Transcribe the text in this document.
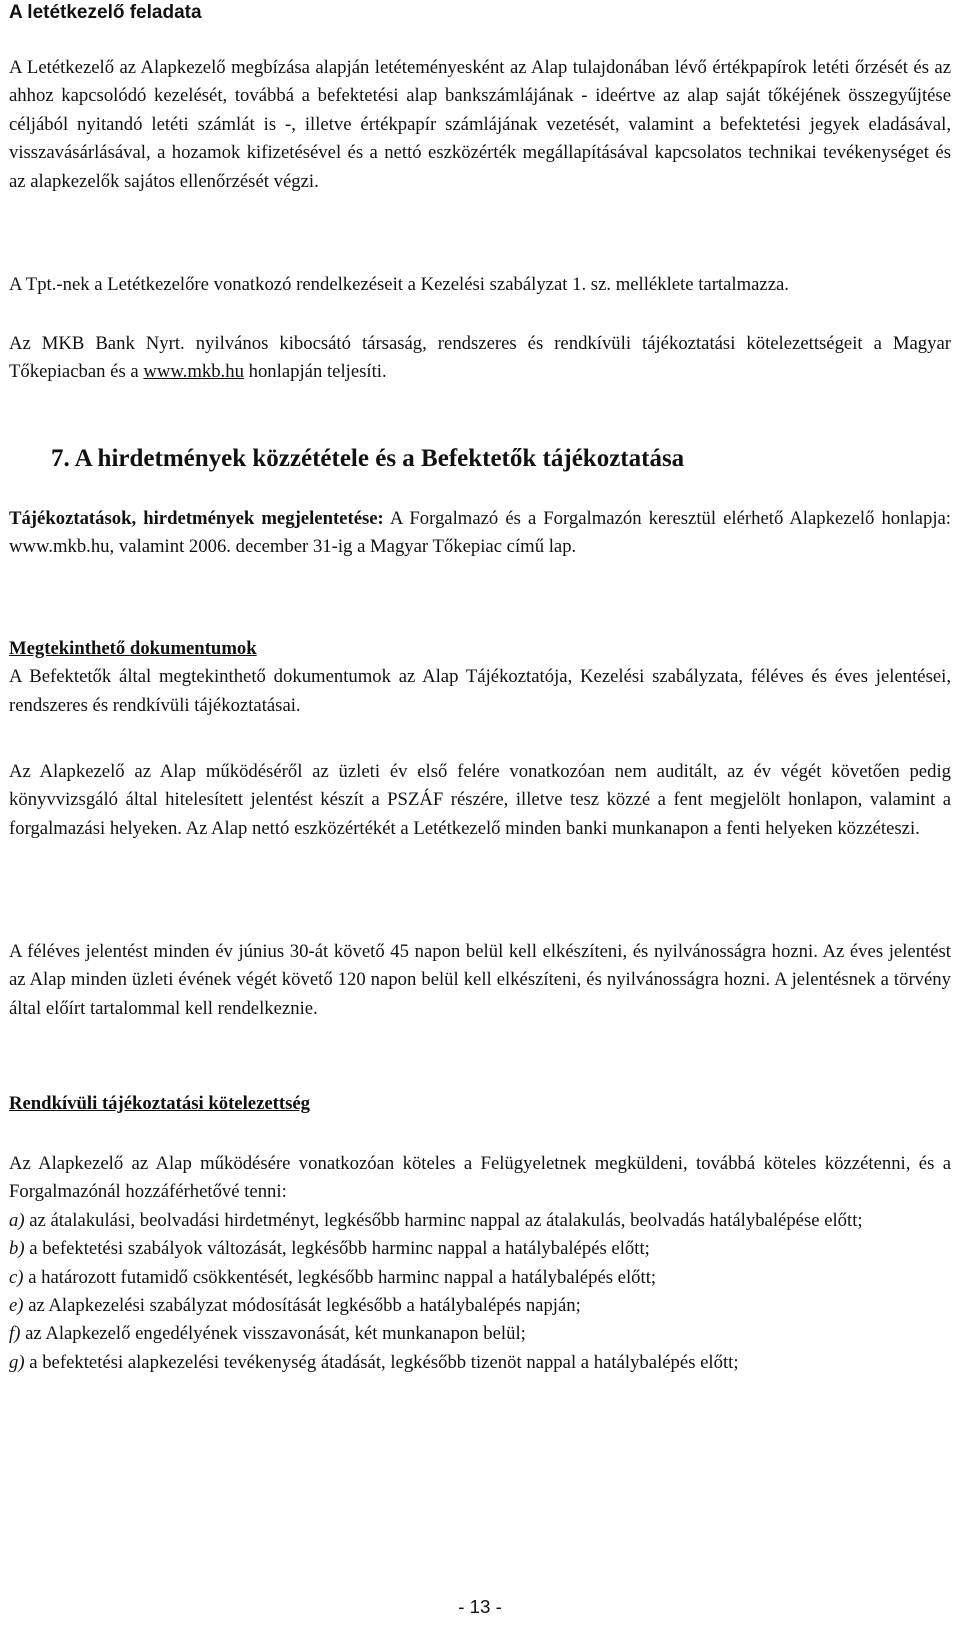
A letétkezelő feladata

A Letétkezelő az Alapkezelő megbízása alapján letéteményesként az Alap tulajdonában lévő értékpapírok letéti őrzését és az ahhoz kapcsolódó kezelését, továbbá a befektetési alap bankszámlájának - ideértve az alap saját tőkéjének összegyűjtése céljából nyitandó letéti számlát is -, illetve értékpapír számlájának vezetését, valamint a befektetési jegyek eladásával, visszavásárlásával, a hozamok kifizetésével és a nettó eszközérték megállapításával kapcsolatos technikai tevékenységet és az alapkezelők sajátos ellenőrzését végzi.

A Tpt.-nek a Letétkezelőre vonatkozó rendelkezéseit a Kezelési szabályzat 1. sz. melléklete tartalmazza.

Az MKB Bank Nyrt. nyilvános kibocsátó társaság, rendszeres és rendkívüli tájékoztatási kötelezettségeit a Magyar Tőkepiacban és a www.mkb.hu honlapján teljesíti.

7. A hirdetmények közzététele és a Befektetők tájékoztatása

Tájékoztatások, hirdetmények megjelentetése: A Forgalmazó és a Forgalmazón keresztül elérhető Alapkezelő honlapja: www.mkb.hu, valamint 2006. december 31-ig a Magyar Tőkepiac című lap.

Megtekinthető dokumentumok

A Befektetők által megtekinthető dokumentumok az Alap Tájékoztatója, Kezelési szabályzata, féléves és éves jelentései, rendszeres és rendkívüli tájékoztatásai.

Az Alapkezelő az Alap működéséről az üzleti év első felére vonatkozóan nem auditált, az év végét követően pedig könyvvizsgáló által hitelesített jelentést készít a PSZÁF részére, illetve tesz közzé a fent megjelölt honlapon, valamint a forgalmazási helyeken. Az Alap nettó eszközértékét a Letétkezelő minden banki munkanapon a fenti helyeken közzéteszi.

A féléves jelentést minden év június 30-át követő 45 napon belül kell elkészíteni, és nyilvánosságra hozni. Az éves jelentést az Alap minden üzleti évének végét követő 120 napon belül kell elkészíteni, és nyilvánosságra hozni. A jelentésnek a törvény által előírt tartalommal kell rendelkeznie.

Rendkívüli tájékoztatási kötelezettség

Az Alapkezelő az Alap működésére vonatkozóan köteles a Felügyeletnek megküldeni, továbbá köteles közzétenni, és a Forgalmazónál hozzáférhetővé tenni:

a) az átalakulási, beolvadási hirdetményt, legkésőbb harminc nappal az átalakulás, beolvadás hatálybalépése előtt;

b) a befektetési szabályok változását, legkésőbb harminc nappal a hatálybalépés előtt;

c) a határozott futamidő csökkentését, legkésőbb harminc nappal a hatálybalépés előtt;

e) az Alapkezelési szabályzat módosítását legkésőbb a hatálybalépés napján;

f) az Alapkezelő engedélyének visszavonását, két munkanapon belül;

g) a befektetési alapkezelési tevékenység átadását, legkésőbb tizenöt nappal a hatálybalépés előtt;

- 13 -
